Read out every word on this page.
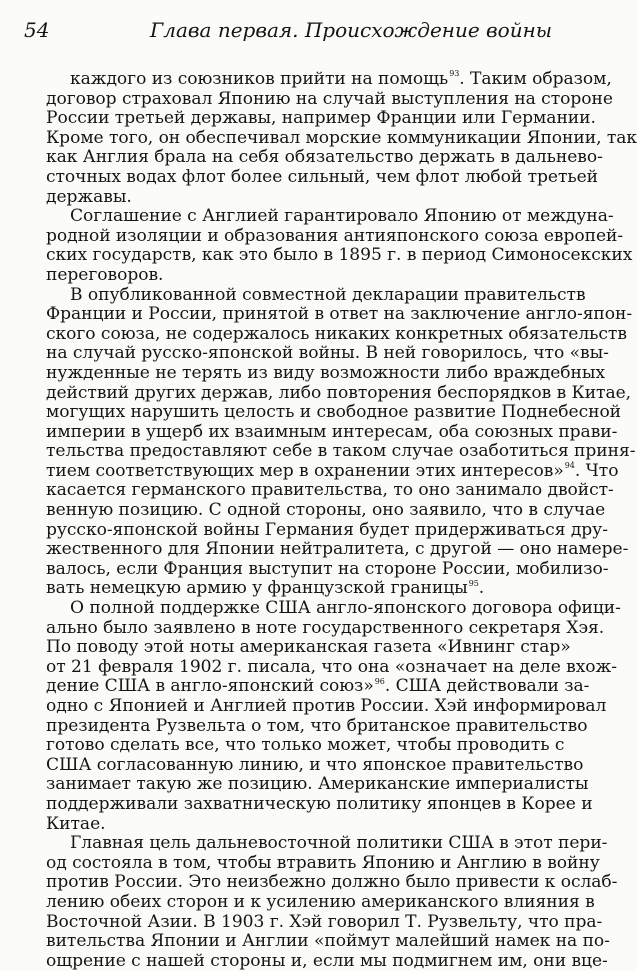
54	Глава первая. Происхождение войны
каждого из союзников прийти на помощь$^{93}$. Таким образом,
договор страховал Японию на случай выступления на стороне
России третьей державы, например Франции или Германии.
Кроме того, он обеспечивал морские коммуникации Японии, так
как Англия брала на себя обязательство держать в дальнево-
сточных водах флот более сильный, чем флот любой третьей
державы.
Соглашение с Англией гарантировало Японию от междуна-
родной изоляции и образования антияпонского союза европей-
ских государств, как это было в 1895 г. в период Симоносекских
переговоров.
В опубликованной совместной декларации правительств
Франции и России, принятой в ответ на заключение англо-япон-
ского союза, не содержалось никаких конкретных обязательств
на случай русско-японской войны. В ней говорилось, что «вы-
нужденные не терять из виду возможности либо враждебных
действий других держав, либо повторения беспорядков в Китае,
могущих нарушить целость и свободное развитие Поднебесной
империи в ущерб их взаимным интересам, оба союзных прави-
тельства предоставляют себе в таком случае озаботиться приня-
тием соответствующих мер в охранении этих интересов»$^{94}$. Что
касается германского правительства, то оно занимало двойст-
венную позицию. С одной стороны, оно заявило, что в случае
русско-японской войны Германия будет придерживаться дру-
жественного для Японии нейтралитета, с другой — оно намере-
валось, если Франция выступит на стороне России, мобилизо-
вать немецкую армию у французской границы$^{95}$.
О полной поддержке США англо-японского договора офици-
ально было заявлено в ноте государственного секретаря Хэя.
По поводу этой ноты американская газета «Ивнинг стар»
от 21 февраля 1902 г. писала, что она «означает на деле вхож-
дение США в англо-японский союз»$^{96}$. США действовали за-
одно с Японией и Англией против России. Хэй информировал
президента Рузвельта о том, что британское правительство
готово сделать все, что только может, чтобы проводить с
США согласованную линию, и что японское правительство
занимает такую же позицию. Американские империалисты
поддерживали захватническую политику японцев в Корее и
Китае.
Главная цель дальневосточной политики США в этот пери-
од состояла в том, чтобы втравить Японию и Англию в войну
против России. Это неизбежно должно было привести к ослаб-
лению обеих сторон и к усилению американского влияния в
Восточной Азии. В 1903 г. Хэй говорил Т. Рузвельту, что пра-
вительства Японии и Англии «поймут малейший намек на по-
ощрение с нашей стороны и, если мы подмигнем им, они вце-
